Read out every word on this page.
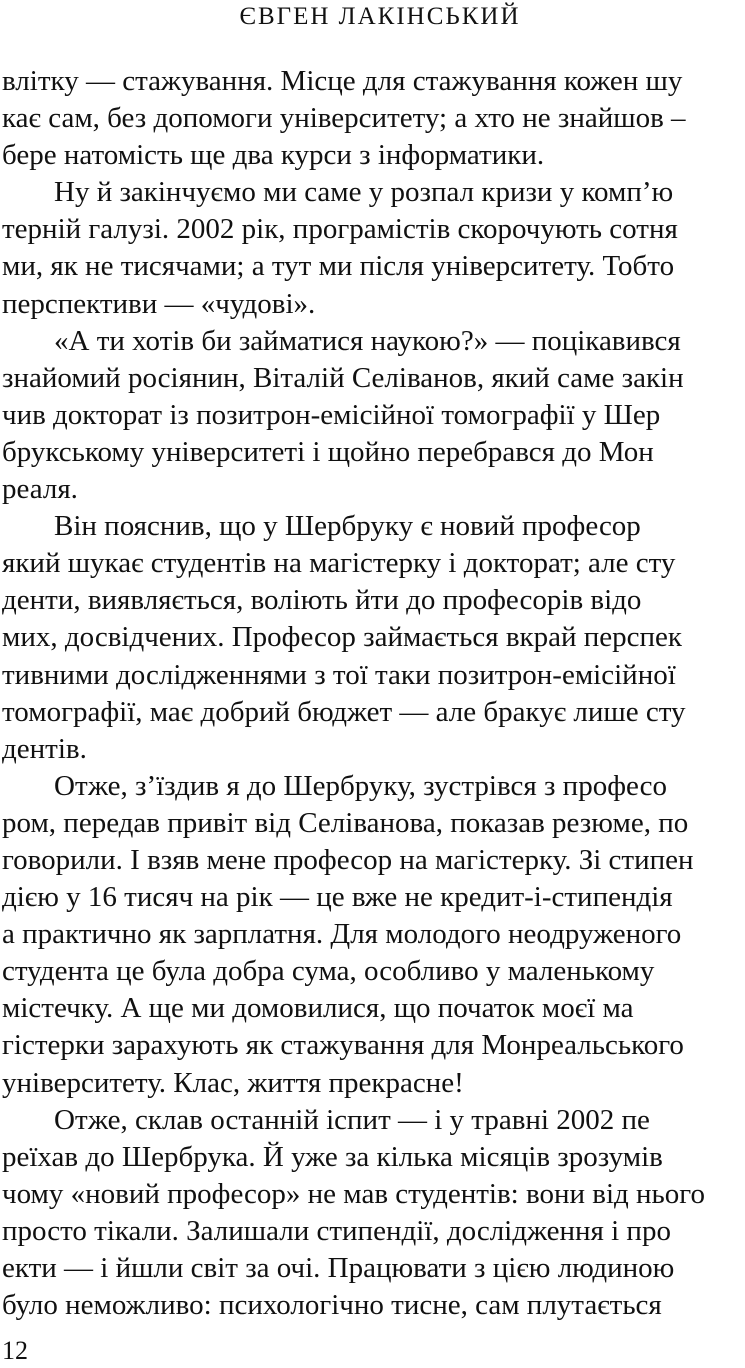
ЄВГЕН ЛАКІНСЬКИЙ
влітку — стажування. Місце для стажування кожен шу
кає сам, без допомоги університету; а хто не знайшов –
бере натомість ще два курси з інформатики.
Ну й закінчуємо ми саме у розпал кризи у комп’ю
терній галузі. 2002 рік, програмістів скорочують сотня
ми, як не тисячами; а тут ми після університету. Тобто
перспективи — «чудові».
«А ти хотів би займатися наукою?» — поцікавився
знайомий росіянин, Віталій Селіванов, який саме закін
чив докторат із позитрон-емісійної томографії у Шер
брукському університеті і щойно перебрався до Мон
реаля.
Він пояснив, що у Шербруку є новий професор
який шукає студентів на магістерку і докторат; але сту
денти, виявляється, воліють йти до професорів відо
мих, досвідчених. Професор займається вкрай перспек
тивними дослідженнями з тої таки позитрон-емісійної
томографії, має добрий бюджет — але бракує лише сту
дентів.
Отже, з’їздив я до Шербруку, зустрівся з професо
ром, передав привіт від Селіванова, показав резюме, по
говорили. І взяв мене професор на магістерку. Зі стипен
дією у 16 тисяч на рік — це вже не кредит-і-стипендія
а практично як зарплатня. Для молодого неодруженого
студента це була добра сума, особливо у маленькому
містечку. А ще ми домовилися, що початок моєї ма
гістерки зарахують як стажування для Монреальського
університету. Клас, життя прекрасне!
Отже, склав останній іспит — і у травні 2002 пе
реїхав до Шербрука. Й уже за кілька місяців зрозумів
чому «новий професор» не мав студентів: вони від нього
просто тікали. Залишали стипендії, дослідження і про
екти — і йшли світ за очі. Працювати з цією людиною
було неможливо: психологічно тисне, сам плутається
12
